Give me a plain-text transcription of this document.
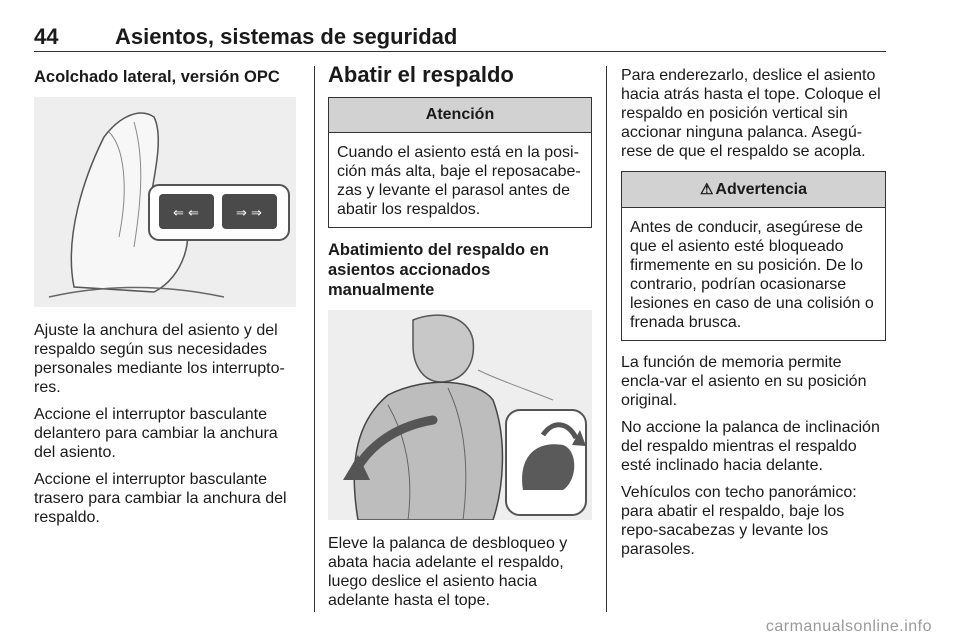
44	Asientos, sistemas de seguridad
Acolchado lateral, versión OPC
⇐ ⇐	⇒ ⇒

Ajuste la anchura del asiento y del respaldo según sus necesidades personales mediante los interrupto-res.

Accione el interruptor basculante delantero para cambiar la anchura del asiento.

Accione el interruptor basculante trasero para cambiar la anchura del respaldo.

Abatir el respaldo
Atención
Cuando el asiento está en la posi-ción más alta, baje el reposacabe-zas y levante el parasol antes de abatir los respaldos.
Abatimiento del respaldo en asientos accionados manualmente

Eleve la palanca de desbloqueo y abata hacia adelante el respaldo, luego deslice el asiento hacia adelante hasta el tope.

Para enderezarlo, deslice el asiento hacia atrás hasta el tope. Coloque el respaldo en posición vertical sin accionar ninguna palanca. Asegú-rese de que el respaldo se acopla.

⚠ Advertencia
Antes de conducir, asegúrese de que el asiento esté bloqueado firmemente en su posición. De lo contrario, podrían ocasionarse lesiones en caso de una colisión o frenada brusca.

La función de memoria permite encla-var el asiento en su posición original.

No accione la palanca de inclinación del respaldo mientras el respaldo esté inclinado hacia delante.

Vehículos con techo panorámico: para abatir el respaldo, baje los repo-sacabezas y levante los parasoles.

carmanualsonline.info
